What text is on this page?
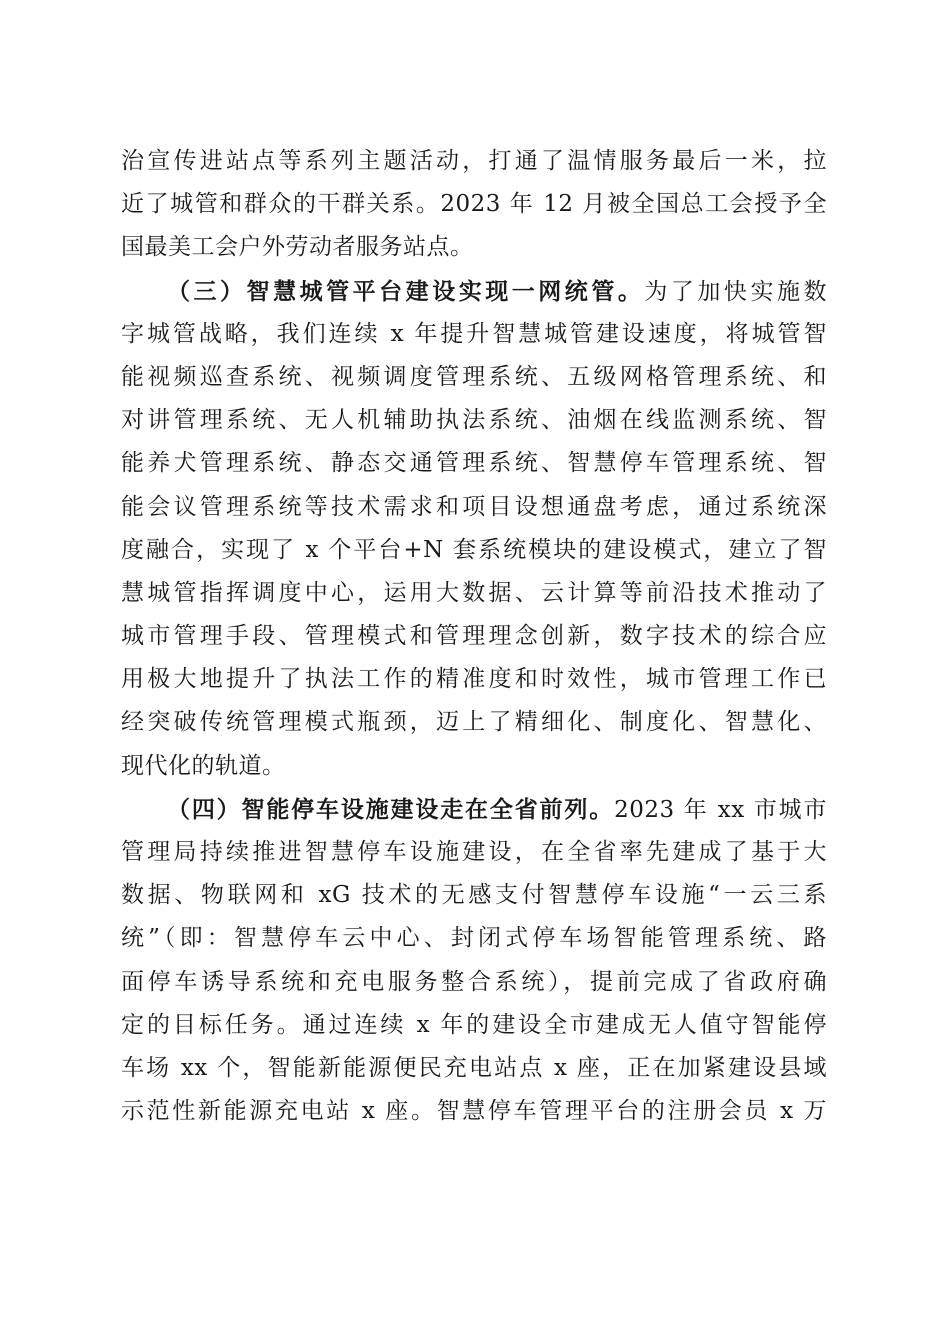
治宣传进站点等系列主题活动，打通了温情服务最后一米，拉
近了城管和群众的干群关系。2023 年 12 月被全国总工会授予全
国最美工会户外劳动者服务站点。
（三）智慧城管平台建设实现一网统管。为了加快实施数
字城管战略，我们连续 x 年提升智慧城管建设速度，将城管智
能视频巡查系统、视频调度管理系统、五级网格管理系统、和
对讲管理系统、无人机辅助执法系统、油烟在线监测系统、智
能养犬管理系统、静态交通管理系统、智慧停车管理系统、智
能会议管理系统等技术需求和项目设想通盘考虑，通过系统深
度融合，实现了 x 个平台+N 套系统模块的建设模式，建立了智
慧城管指挥调度中心，运用大数据、云计算等前沿技术推动了
城市管理手段、管理模式和管理理念创新，数字技术的综合应
用极大地提升了执法工作的精准度和时效性，城市管理工作已
经突破传统管理模式瓶颈，迈上了精细化、制度化、智慧化、
现代化的轨道。
（四）智能停车设施建设走在全省前列。2023 年 xx 市城市
管理局持续推进智慧停车设施建设，在全省率先建成了基于大
数据、物联网和 xG 技术的无感支付智慧停车设施“一云三系
统”（即：智慧停车云中心、封闭式停车场智能管理系统、路
面停车诱导系统和充电服务整合系统），提前完成了省政府确
定的目标任务。通过连续 x 年的建设全市建成无人值守智能停
车场 xx 个，智能新能源便民充电站点 x 座，正在加紧建设县域
示范性新能源充电站 x 座。智慧停车管理平台的注册会员 x 万
